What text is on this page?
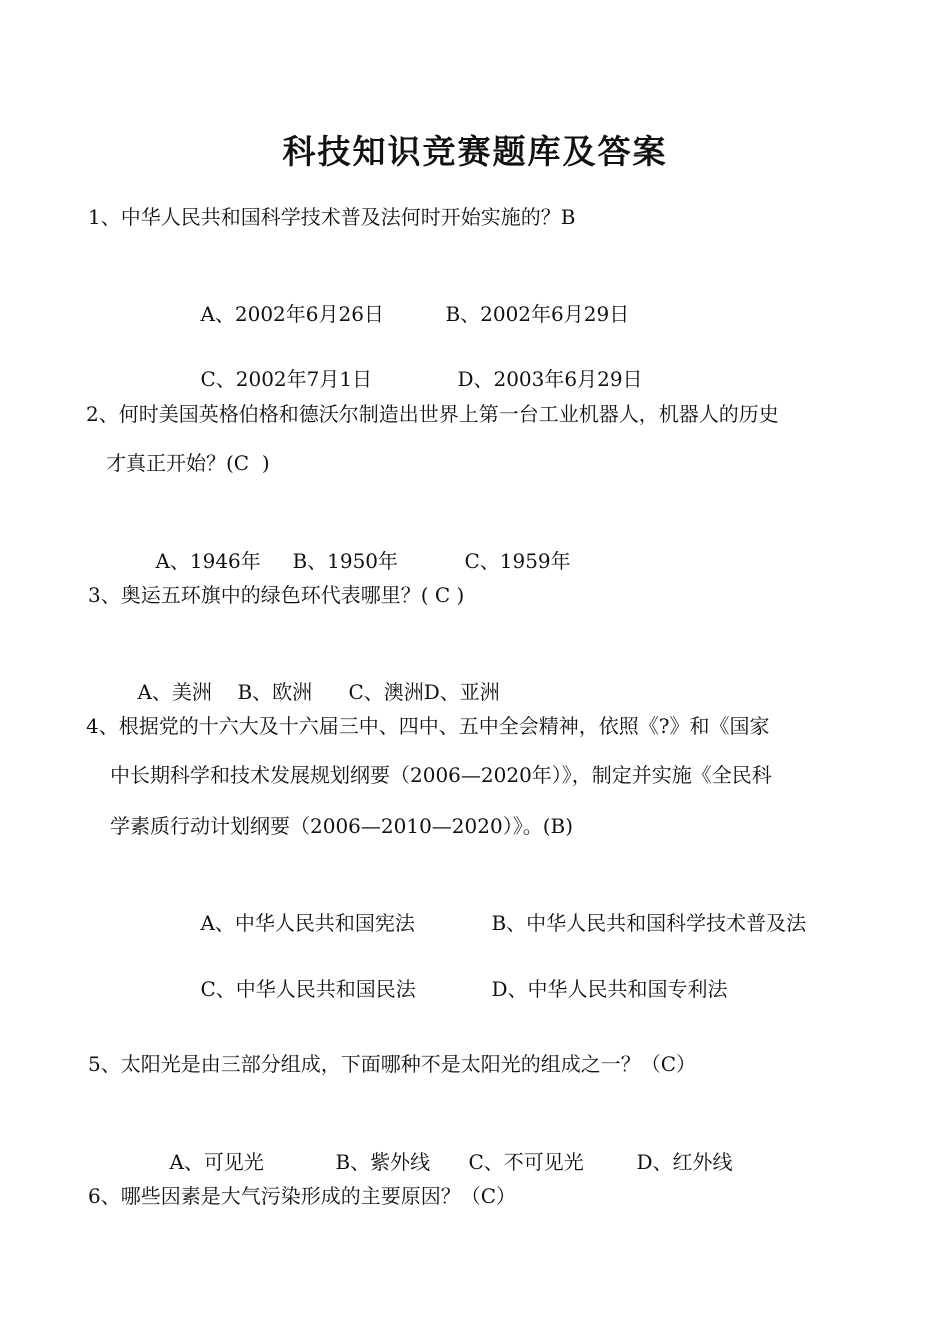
科技知识竞赛题库及答案
1、中华人民共和国科学技术普及法何时开始实施的？B

A、2002年6月26日	B、2002年6月29日

C、2002年7月1日	D、2003年6月29日

2、何时美国英格伯格和德沃尔制造出世界上第一台工业机器人，机器人的历史
才真正开始？(C  )

A、1946年 B、1950年	C、1959年

3、奥运五环旗中的绿色环代表哪里？( C )

A、美洲 B、欧洲 C、澳洲D、亚洲

4、根据党的十六大及十六届三中、四中、五中全会精神，依照《?》和《国家
中长期科学和技术发展规划纲要（2006—2020年）》，制定并实施《全民科
学素质行动计划纲要（2006—2010—2020）》。(B)

A、中华人民共和国宪法	B、中华人民共和国科学技术普及法

C、中华人民共和国民法	D、中华人民共和国专利法

5、太阳光是由三部分组成，下面哪种不是太阳光的组成之一？（C）

A、可见光	B、紫外线 C、不可见光	D、红外线

6、哪些因素是大气污染形成的主要原因？（C）
